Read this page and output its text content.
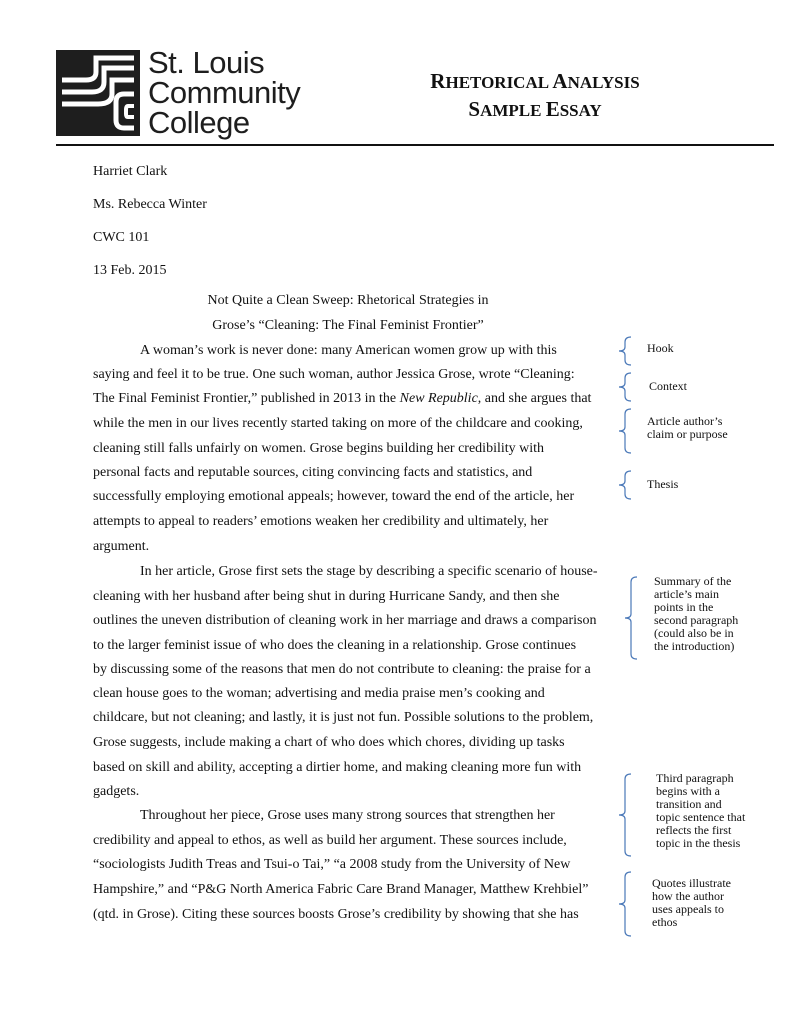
St. Louis
Community
College
RHETORICAL ANALYSIS
SAMPLE ESSAY
Harriet Clark
Ms. Rebecca Winter
CWC 101
13 Feb. 2015
Not Quite a Clean Sweep: Rhetorical Strategies in
Grose’s “Cleaning: The Final Feminist Frontier”
A woman’s work is never done: many American women grow up with this
saying and feel it to be true. One such woman, author Jessica Grose, wrote “Cleaning:
The Final Feminist Frontier,” published in 2013 in the New Republic, and she argues that
while the men in our lives recently started taking on more of the childcare and cooking,
cleaning still falls unfairly on women. Grose begins building her credibility with
personal facts and reputable sources, citing convincing facts and statistics, and
successfully employing emotional appeals; however, toward the end of the article, her
attempts to appeal to readers’ emotions weaken her credibility and ultimately, her
argument.
In her article, Grose first sets the stage by describing a specific scenario of house-
cleaning with her husband after being shut in during Hurricane Sandy, and then she
outlines the uneven distribution of cleaning work in her marriage and draws a comparison
to the larger feminist issue of who does the cleaning in a relationship. Grose continues
by discussing some of the reasons that men do not contribute to cleaning: the praise for a
clean house goes to the woman; advertising and media praise men’s cooking and
childcare, but not cleaning; and lastly, it is just not fun. Possible solutions to the problem,
Grose suggests, include making a chart of who does which chores, dividing up tasks
based on skill and ability, accepting a dirtier home, and making cleaning more fun with
gadgets.
Throughout her piece, Grose uses many strong sources that strengthen her
credibility and appeal to ethos, as well as build her argument. These sources include,
“sociologists Judith Treas and Tsui-o Tai,” “a 2008 study from the University of New
Hampshire,” and “P&G North America Fabric Care Brand Manager, Matthew Krehbiel”
(qtd. in Grose). Citing these sources boosts Grose’s credibility by showing that she has
Hook
Context
Article author’s
claim or purpose
Thesis
Summary of the
article’s main
points in the
second paragraph
(could also be in
the introduction)
Third paragraph
begins with a
transition and
topic sentence that
reflects the first
topic in the thesis
Quotes illustrate
how the author
uses appeals to
ethos
